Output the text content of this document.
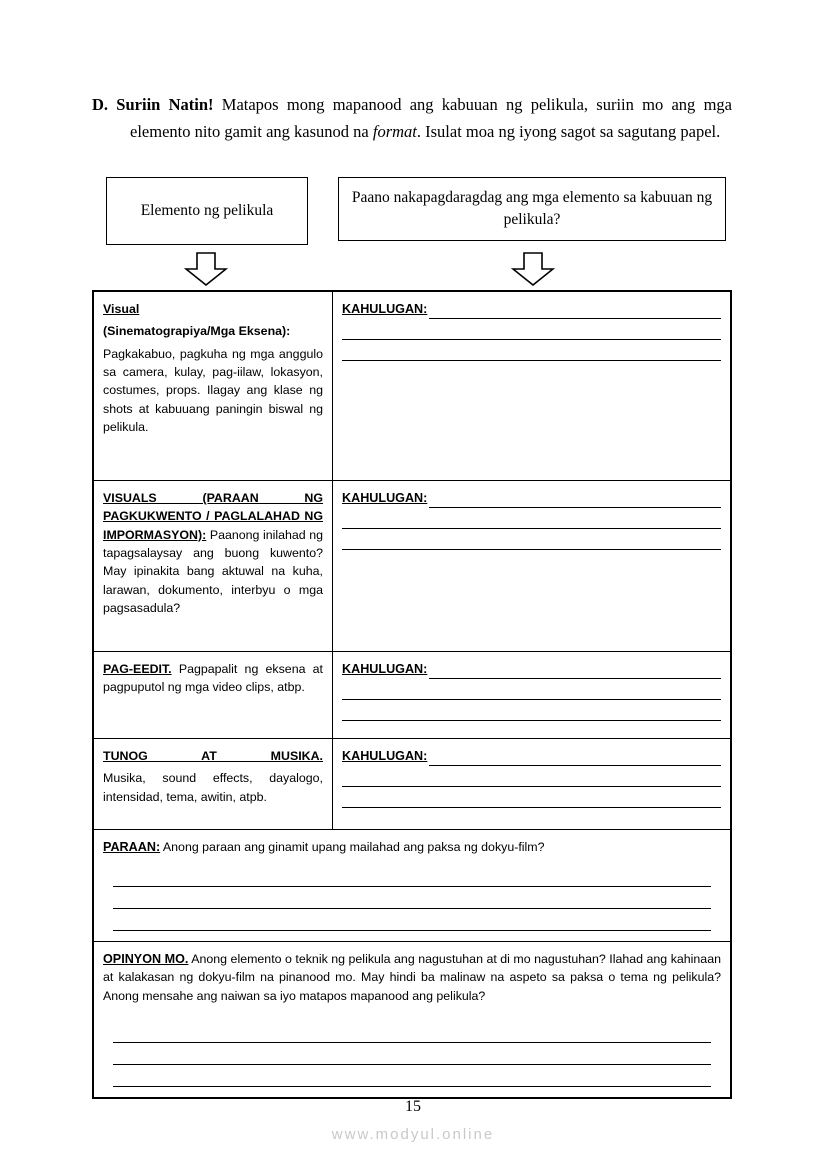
D. Suriin Natin! Matapos mong mapanood ang kabuuan ng pelikula, suriin mo ang mga elemento nito gamit ang kasunod na format. Isulat moa ng iyong sagot sa sagutang papel.
Elemento ng pelikula
Paano nakapagdaragdag ang mga elemento sa kabuuan ng pelikula?
Visual
(Sinematograpiya/Mga Eksena):

Pagkakabuo, pagkuha ng mga anggulo sa camera, kulay, pag-iilaw, lokasyon, costumes, props. Ilagay ang klase ng shots at kabuuang paningin biswal ng pelikula.	KAHULUGAN:

VISUALS (PARAAN NG PAGKUKWENTO / PAGLALAHAD NG IMPORMASYON): Paanong inilahad ng tapagsalaysay ang buong kuwento? May ipinakita bang aktuwal na kuha, larawan, dokumento, interbyu o mga pagsasadula?	KAHULUGAN:

PAG-EEDIT. Pagpapalit ng eksena at pagpuputol ng mga video clips, atbp.	KAHULUGAN:

TUNOG AT MUSIKA.

Musika, sound effects, dayalogo, intensidad, tema, awitin, atpb.	KAHULUGAN:

PARAAN: Anong paraan ang ginamit upang mailahad ang paksa ng dokyu-film?	

OPINYON MO. Anong elemento o teknik ng pelikula ang nagustuhan at di mo nagustuhan? Ilahad ang kahinaan at kalakasan ng dokyu-film na pinanood mo. May hindi ba malinaw na aspeto sa paksa o tema ng pelikula? Anong mensahe ang naiwan sa iyo matapos mapanood ang pelikula?	
15
www.modyul.online
